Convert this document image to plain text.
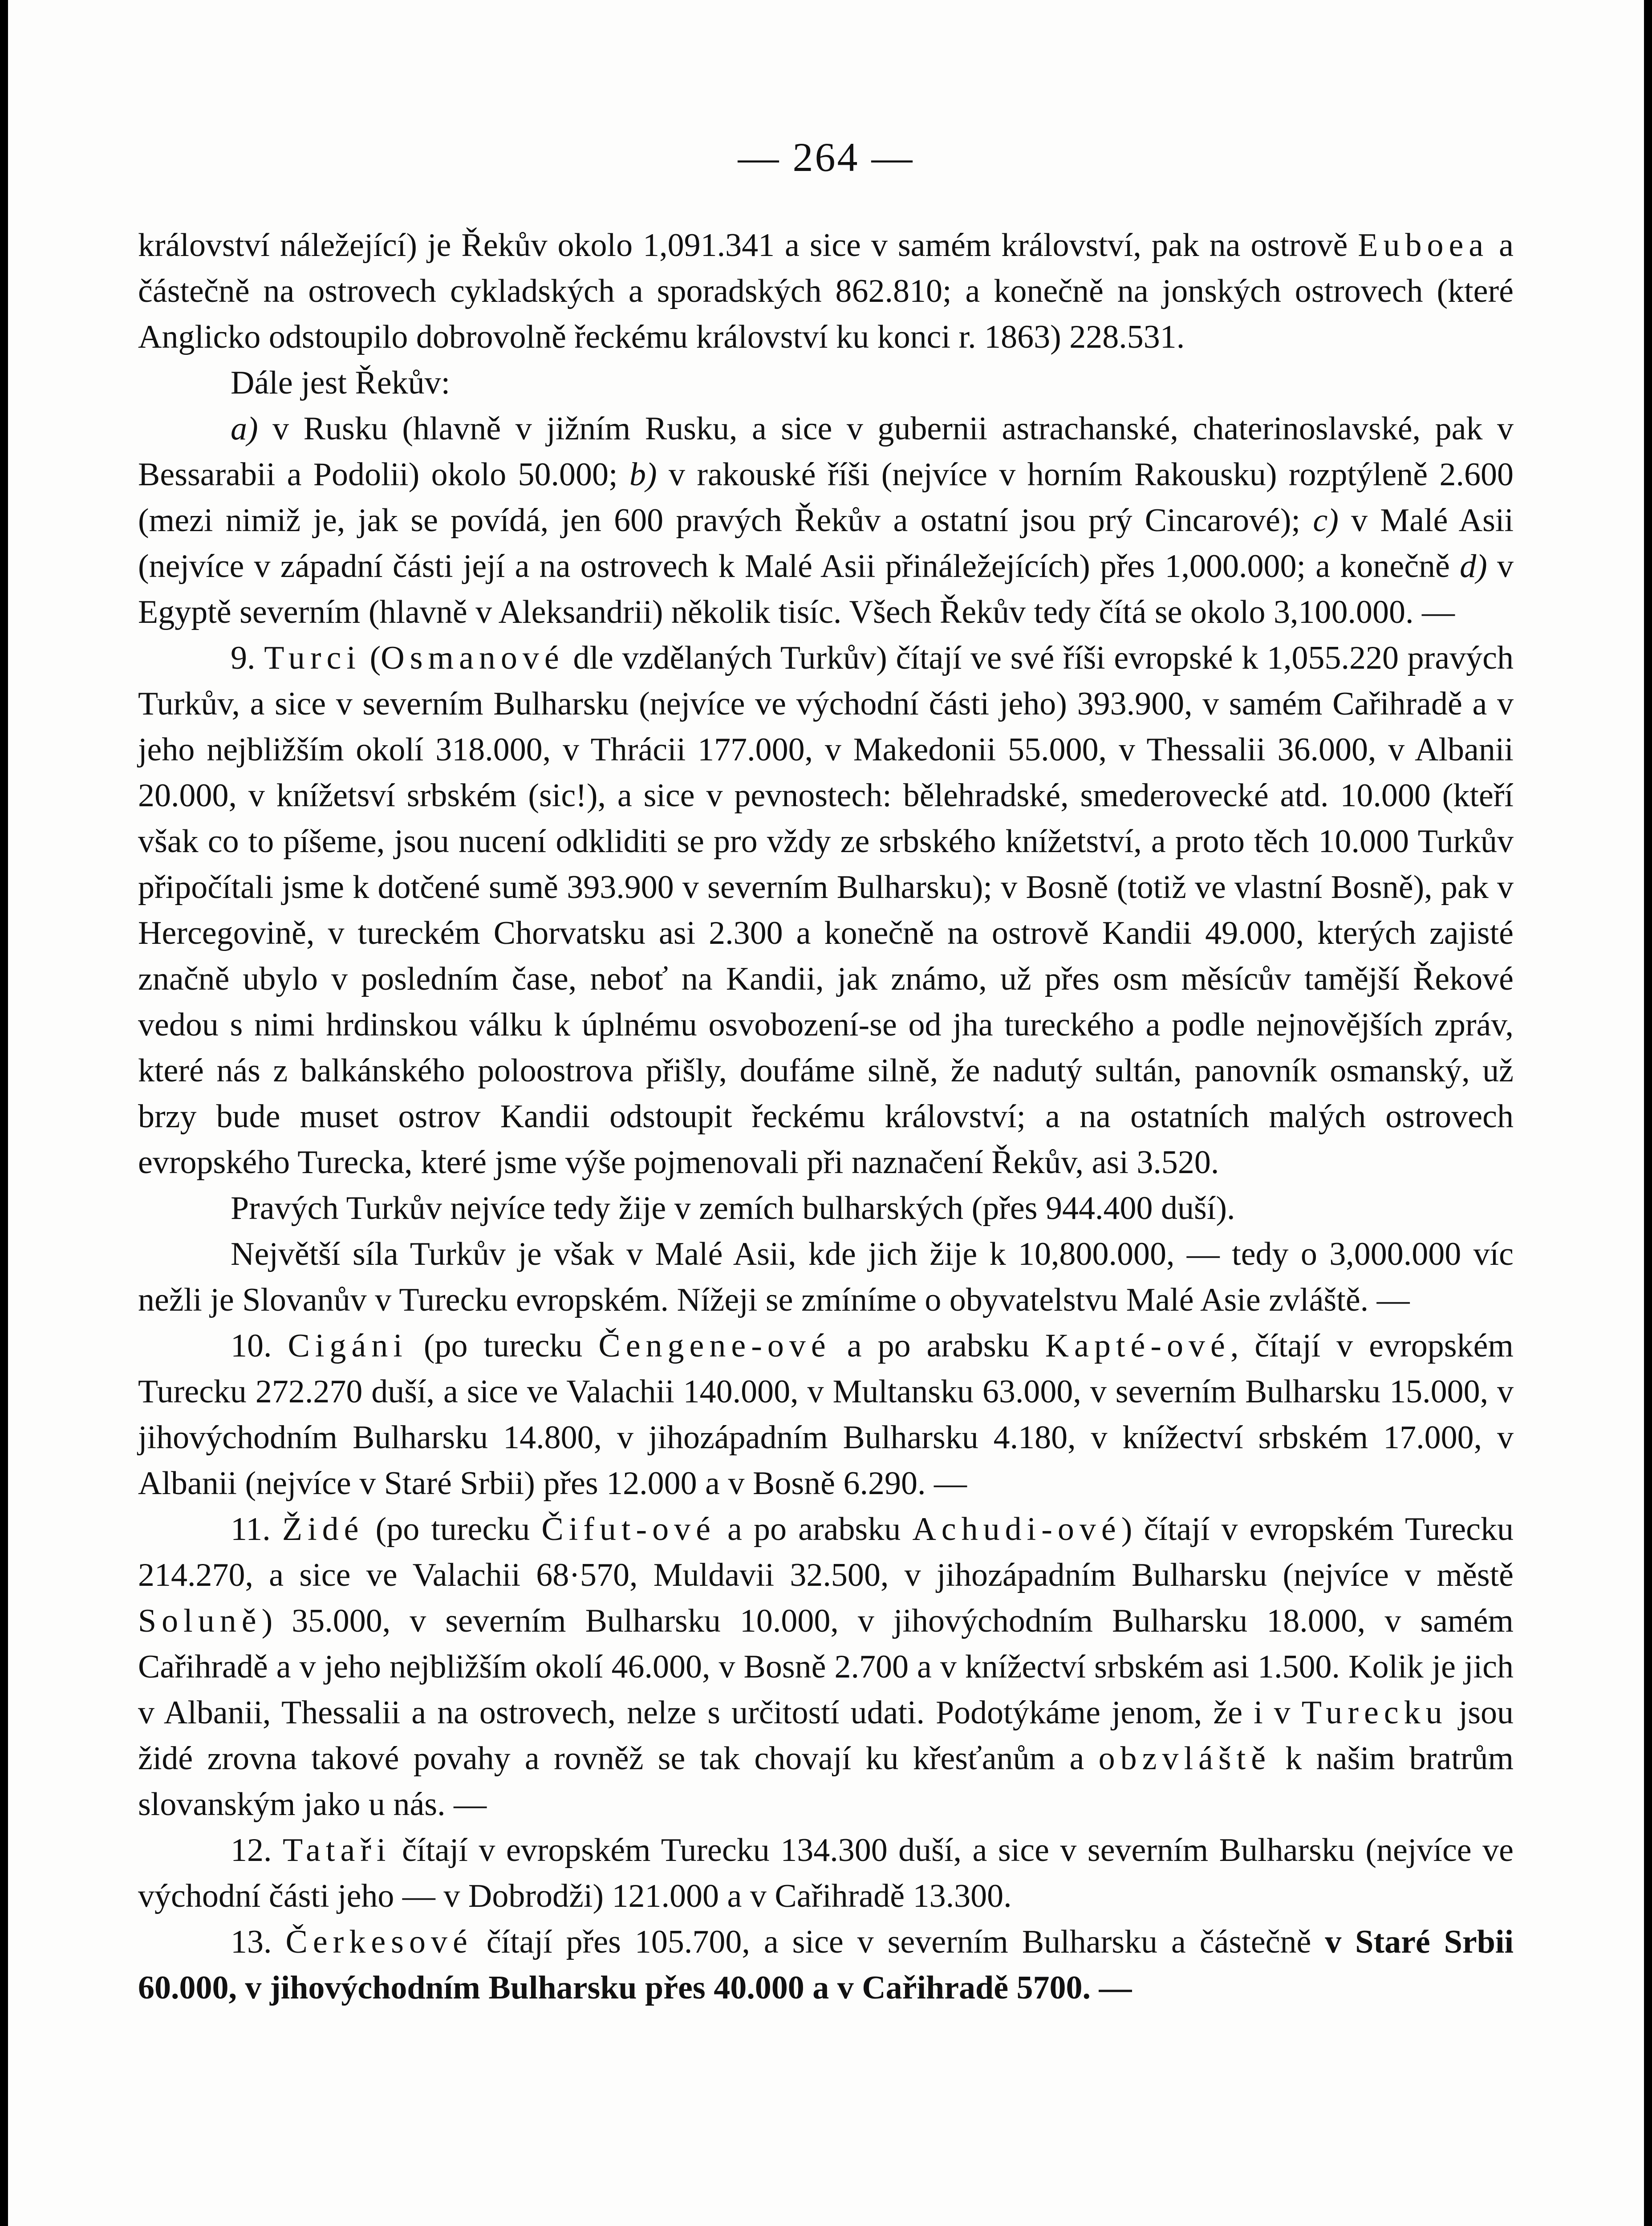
— 264 —

království náležející) je Řekův okolo 1,091.341 a sice v samém království, pak na ostrově Euboea a částečně na ostrovech cykladských a sporadských 862.810; a konečně na jonských ostrovech (které Anglicko odstoupilo dobrovolně řeckému království ku konci r. 1863) 228.531.

Dále jest Řekův:

a) v Rusku (hlavně v jižním Rusku, a sice v gubernii astrachanské, chaterinoslavské, pak v Bessarabii a Podolii) okolo 50.000; b) v rakouské říši (nejvíce v horním Rakousku) rozptýleně 2.600 (mezi nimiž je, jak se povídá, jen 600 pravých Řekův a ostatní jsou prý Cincarové); c) v Malé Asii (nejvíce v západní části její a na ostrovech k Malé Asii přináležejících) přes 1,000.000; a konečně d) v Egyptě severním (hlavně v Aleksandrii) několik tisíc. Všech Řekův tedy čítá se okolo 3,100.000. —

9. Turci (Osmanové dle vzdělaných Turkův) čítají ve své říši evropské k 1,055.220 pravých Turkův, a sice v severním Bulharsku (nejvíce ve východní části jeho) 393.900, v samém Cařihradě a v jeho nejbližším okolí 318.000, v Thrácii 177.000, v Makedonii 55.000, v Thessalii 36.000, v Albanii 20.000, v knížetsví srbském (sic!), a sice v pevnostech: bělehradské, smederovecké atd. 10.000 (kteří však co to píšeme, jsou nucení odkliditi se pro vždy ze srbského knížetství, a proto těch 10.000 Turkův připočítali jsme k dotčené sumě 393.900 v severním Bulharsku); v Bosně (totiž ve vlastní Bosně), pak v Hercegovině, v tureckém Chorvatsku asi 2.300 a konečně na ostrově Kandii 49.000, kterých zajisté značně ubylo v posledním čase, neboť na Kandii, jak známo, už přes osm měsícův tamější Řekové vedou s nimi hrdinskou válku k úplnému osvobození-se od jha tureckého a podle nejnovějších zpráv, které nás z balkánského poloostrova přišly, doufáme silně, že nadutý sultán, panovník osmanský, už brzy bude muset ostrov Kandii odstoupit řeckému království; a na ostatních malých ostrovech evropského Turecka, které jsme výše pojmenovali při naznačení Řekův, asi 3.520.

Pravých Turkův nejvíce tedy žije v zemích bulharských (přes 944.400 duší).

Největší síla Turkův je však v Malé Asii, kde jich žije k 10,800.000, — tedy o 3,000.000 víc nežli je Slovanův v Turecku evropském. Nížeji se zmíníme o obyvatelstvu Malé Asie zvláště. —

10. Cigáni (po turecku Čengene-ové a po arabsku Kapté-ové, čítají v evropském Turecku 272.270 duší, a sice ve Valachii 140.000, v Multansku 63.000, v severním Bulharsku 15.000, v jihovýchodním Bulharsku 14.800, v jihozápadním Bulharsku 4.180, v knížectví srbském 17.000, v Albanii (nejvíce v Staré Srbii) přes 12.000 a v Bosně 6.290. —

11. Židé (po turecku Čifut-ové a po arabsku Achudi-ové) čítají v evropském Turecku 214.270, a sice ve Valachii 68·570, Muldavii 32.500, v jihozápadním Bulharsku (nejvíce v městě Soluně) 35.000, v severním Bulharsku 10.000, v jihovýchodním Bulharsku 18.000, v samém Cařihradě a v jeho nejbližším okolí 46.000, v Bosně 2.700 a v knížectví srbském asi 1.500. Kolik je jich v Albanii, Thessalii a na ostrovech, nelze s určitostí udati. Podotýkáme jenom, že i v Turecku jsou židé zrovna takové povahy a rovněž se tak chovají ku křesťanům a obzvláště k našim bratrům slovanským jako u nás. —

12. Tataři čítají v evropském Turecku 134.300 duší, a sice v severním Bulharsku (nejvíce ve východní části jeho — v Dobrodži) 121.000 a v Cařihradě 13.300.

13. Čerkesové čítají přes 105.700, a sice v severním Bulharsku a částečně v Staré Srbii 60.000, v jihovýchodním Bulharsku přes 40.000 a v Cařihradě 5700. —
